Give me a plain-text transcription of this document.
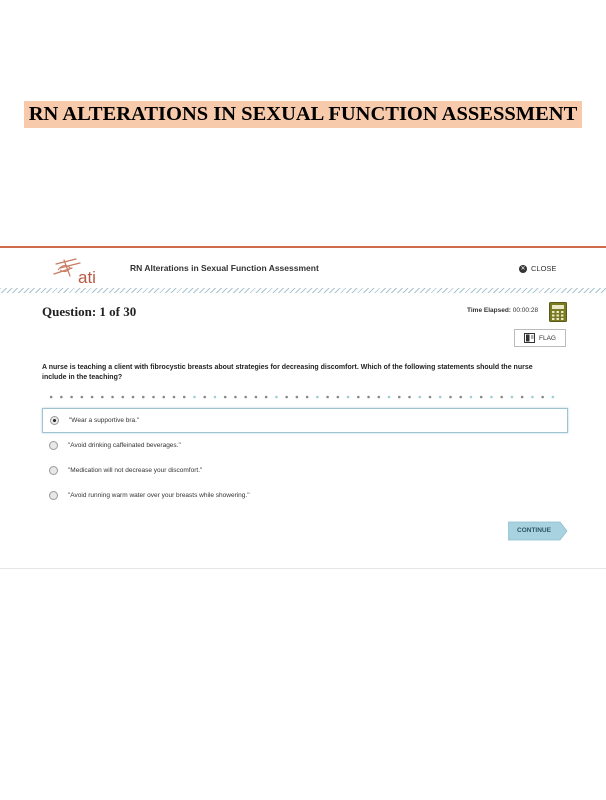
RN ALTERATIONS IN SEXUAL FUNCTION ASSESSMENT
ati	RN Alterations in Sexual Function Assessment	✕ CLOSE
Question: 1 of 30	Time Elapsed: 00:00:28
FLAG
A nurse is teaching a client with fibrocystic breasts about strategies for decreasing discomfort. Which of the following statements should the nurse include in the teaching?
"Wear a supportive bra."
"Avoid drinking caffeinated beverages."
"Medication will not decrease your discomfort."
"Avoid running warm water over your breasts while showering."
CONTINUE
